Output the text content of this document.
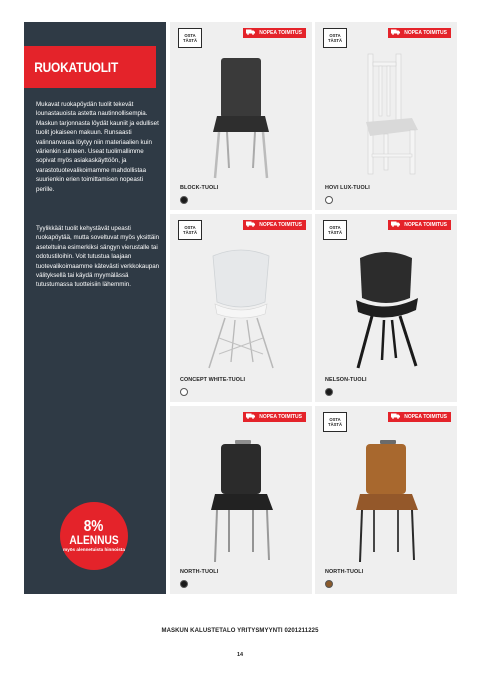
RUOKATUOLIT

Mukavat ruokapöydän tuolit tekevät lounastauoista astetta nautinnollisempia. Maskun tarjonnasta löydät kauniit ja edulliset tuolit jokaiseen makuun. Runsaasti valinnanvaraa löytyy niin materiaalien kuin värienkin suhteen. Useat tuolimallimme sopivat myös asiakaskäyttöön, ja varastotuotevalikoimamme mahdollistaa suurienkin erien toimittamisen nopeasti perille.

Tyylikkäät tuolit kehystävät upeasti ruokapöytää, mutta soveltuvat myös yksittäin aseteltuina esimerkiksi sängyn vierustalle tai odotustiloihin. Voit tutustua laajaan tuotevalikoimaamme kätevästi verkkokaupan välityksellä tai käydä myymälässä tutustumassa tuotteisiin lähemmin.

8%
ALENNUS
myös alennetuista hinnoista
OSTA
TÄSTÄ
NOPEA TOIMITUS
BLOCK-TUOLI
OSTA
TÄSTÄ
NOPEA TOIMITUS
HOVI LUX-TUOLI
OSTA
TÄSTÄ
NOPEA TOIMITUS
CONCEPT WHITE-TUOLI
OSTA
TÄSTÄ
NOPEA TOIMITUS
NELSON-TUOLI
NOPEA TOIMITUS
NORTH-TUOLI
OSTA
TÄSTÄ
NOPEA TOIMITUS
NORTH-TUOLI
MASKUN KALUSTETALO YRITYSMYYNTI 0201211225
14
